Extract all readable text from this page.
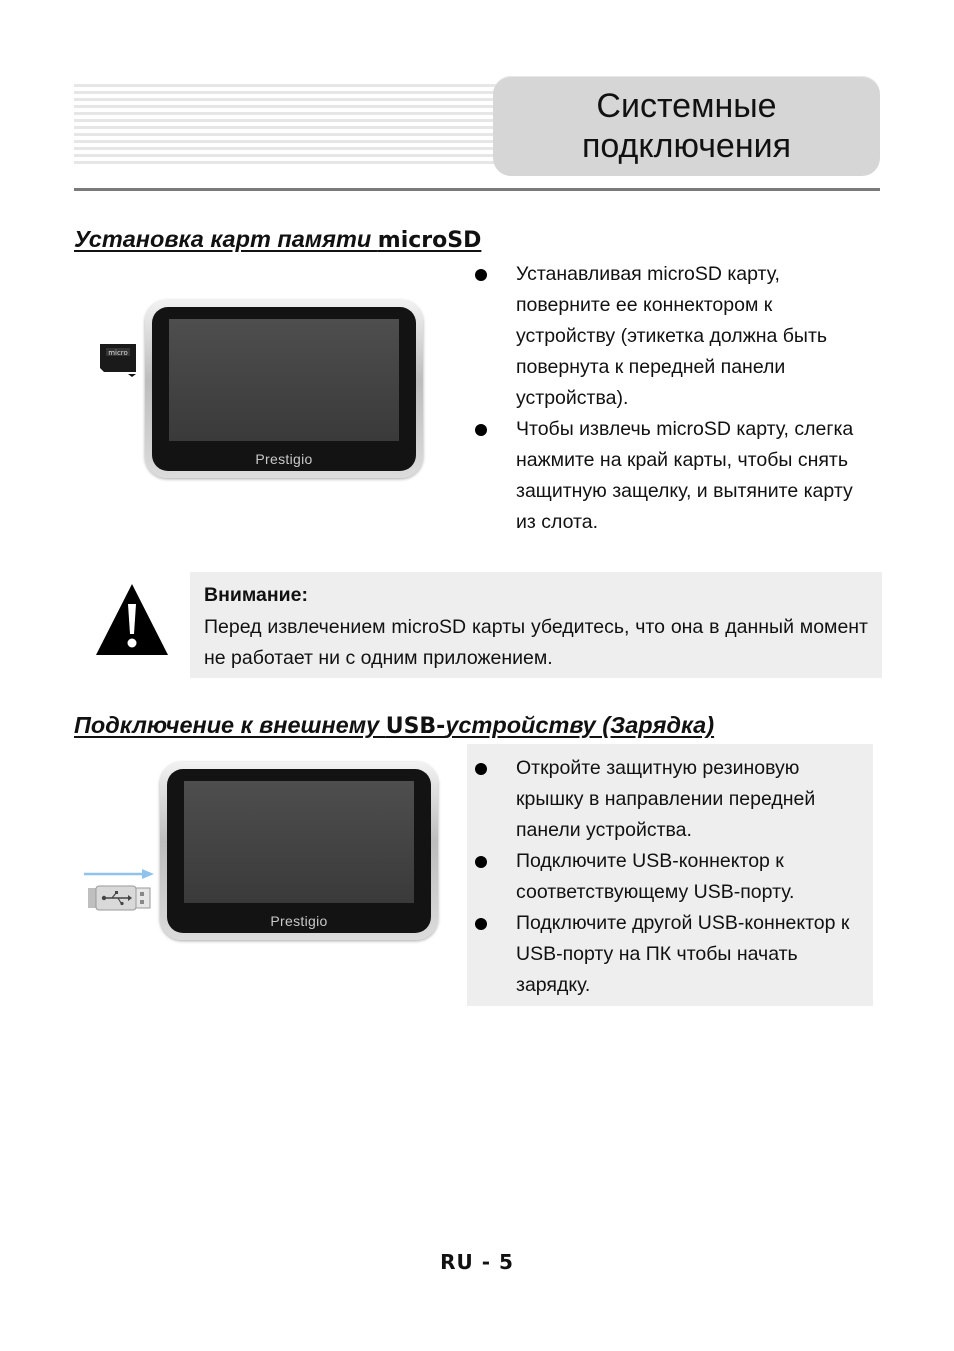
Системные
подключения
Установка карт памяти microSD
micro
Prestigio
Устанавливая microSD карту, поверните ее коннектором к устройству (этикетка должна быть повернута к передней панели устройства).
Чтобы извлечь microSD карту, слегка нажмите на край карты, чтобы снять защитную защелку, и вытяните карту из слота.
Внимание:
Перед извлечением microSD карты убедитесь, что она в данный момент не работает ни с одним приложением.
Подключение к внешнему USB-устройству (Зарядка)
Prestigio
Откройте защитную резиновую крышку в направлении передней панели устройства.
Подключите USB-коннектор к соответствующему USB-порту.
Подключите другой USB-коннектор к USB-порту на ПК чтобы начать зарядку.
RU - 5
